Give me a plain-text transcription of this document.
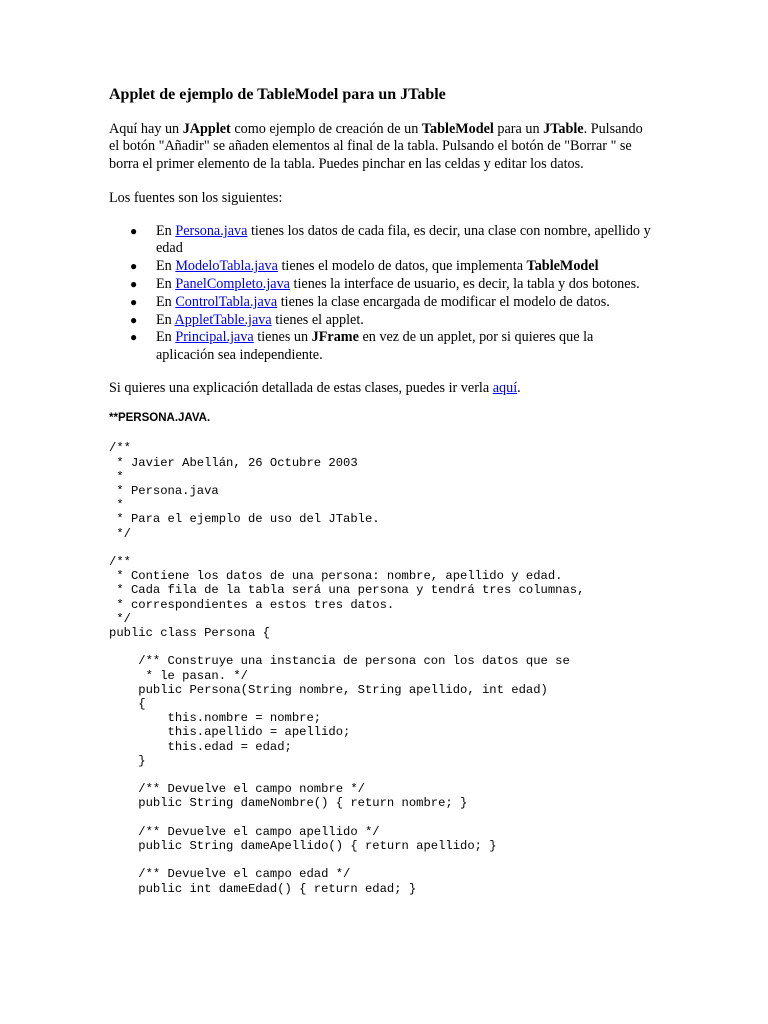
Applet de ejemplo de TableModel para un JTable

Aquí hay un JApplet como ejemplo de creación de un TableModel para un JTable. Pulsando el botón "Añadir" se añaden elementos al final de la tabla. Pulsando el botón de "Borrar " se borra el primer elemento de la tabla. Puedes pinchar en las celdas y editar los datos.

Los fuentes son los siguientes:

● En Persona.java tienes los datos de cada fila, es decir, una clase con nombre, apellido y edad
● En ModeloTabla.java tienes el modelo de datos, que implementa TableModel
● En PanelCompleto.java tienes la interface de usuario, es decir, la tabla y dos botones.
● En ControlTabla.java tienes la clase encargada de modificar el modelo de datos.
● En AppletTable.java tienes el applet.
● En Principal.java tienes un JFrame en vez de un applet, por si quieres que la aplicación sea independiente.

Si quieres una explicación detallada de estas clases, puedes ir verla aquí.

**PERSONA.JAVA.
/**
* Javier Abellán, 26 Octubre 2003
*
* Persona.java
*
* Para el ejemplo de uso del JTable.
*/

/**
* Contiene los datos de una persona: nombre, apellido y edad.
* Cada fila de la tabla será una persona y tendrá tres columnas,
* correspondientes a estos tres datos.
*/
public class Persona {

/** Construye una instancia de persona con los datos que se
* le pasan. */
public Persona(String nombre, String apellido, int edad)
{
this.nombre = nombre;
this.apellido = apellido;
this.edad = edad;
}

/** Devuelve el campo nombre */
public String dameNombre() { return nombre; }

/** Devuelve el campo apellido */
public String dameApellido() { return apellido; }

/** Devuelve el campo edad */
public int dameEdad() { return edad; }
